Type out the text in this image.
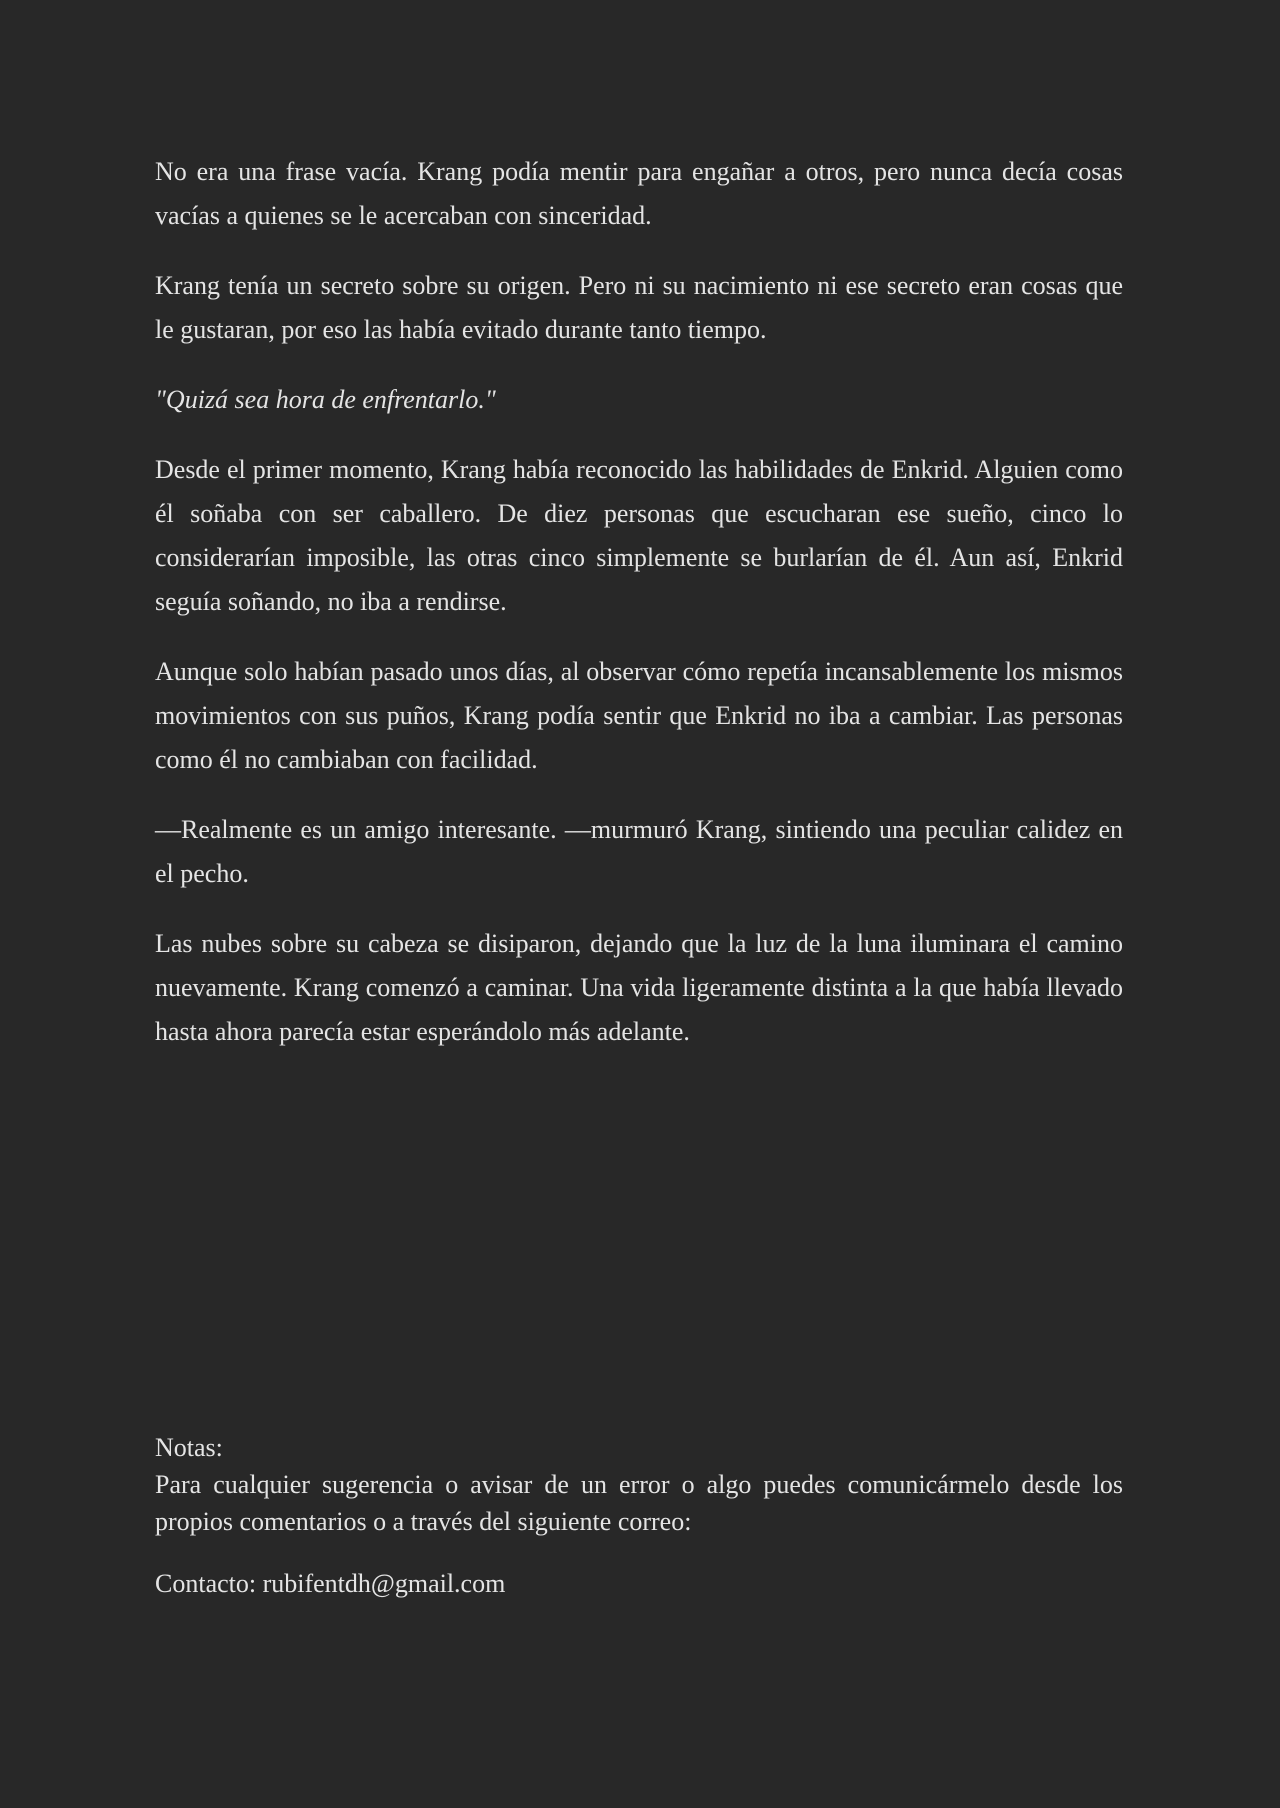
No era una frase vacía. Krang podía mentir para engañar a otros, pero nunca decía cosas vacías a quienes se le acercaban con sinceridad.

Krang tenía un secreto sobre su origen. Pero ni su nacimiento ni ese secreto eran cosas que le gustaran, por eso las había evitado durante tanto tiempo.

"Quizá sea hora de enfrentarlo."

Desde el primer momento, Krang había reconocido las habilidades de Enkrid. Alguien como él soñaba con ser caballero. De diez personas que escucharan ese sueño, cinco lo considerarían imposible, las otras cinco simplemente se burlarían de él. Aun así, Enkrid seguía soñando, no iba a rendirse.

Aunque solo habían pasado unos días, al observar cómo repetía incansablemente los mismos movimientos con sus puños, Krang podía sentir que Enkrid no iba a cambiar. Las personas como él no cambiaban con facilidad.

—Realmente es un amigo interesante. —murmuró Krang, sintiendo una peculiar calidez en el pecho.

Las nubes sobre su cabeza se disiparon, dejando que la luz de la luna iluminara el camino nuevamente. Krang comenzó a caminar. Una vida ligeramente distinta a la que había llevado hasta ahora parecía estar esperándolo más adelante.

Notas:

Para cualquier sugerencia o avisar de un error o algo puedes comunicármelo desde los propios comentarios o a través del siguiente correo:

Contacto: rubifentdh@gmail.com
